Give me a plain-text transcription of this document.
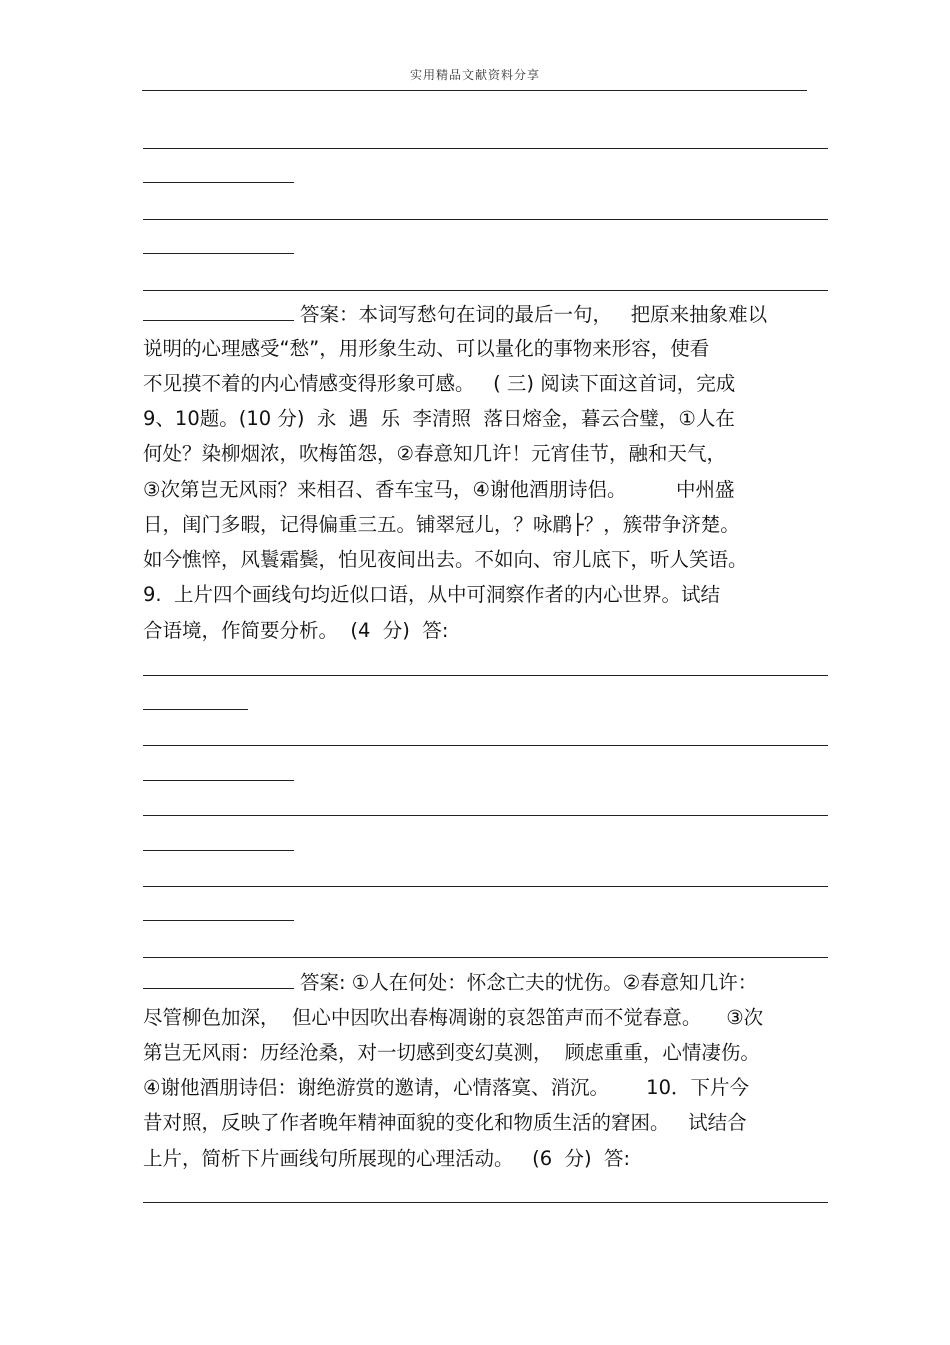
实用精品文献资料分享
答案：本词写愁句在词的最后一句，   把原来抽象难以
说明的心理感受“愁”，用形象生动、可以量化的事物来形容，使看
不见摸不着的内心情感变得形象可感。   ( 三) 阅读下面这首词，完成
9、10题。(10 分)  永  遇  乐  李清照  落日熔金，暮云合璧，①人在
何处？染柳烟浓，吹梅笛怨，②春意知几许！元宵佳节，融和天气，
③次第岂无风雨？来相召、香车宝马，④谢他酒朋诗侣。        中州盛
日，闺门多暇，记得偏重三五。铺翠冠儿，？咏鹛├？，簇带争济楚。
如今憔悴，风鬟霜鬓，怕见夜间出去。不如向、帘儿底下，听人笑语。
9.  上片四个画线句均近似口语，从中可洞察作者的内心世界。试结
合语境，作简要分析。  (4  分)  答:
答案: ①人在何处：怀念亡夫的忧伤。②春意知几许：
尽管柳色加深，  但心中因吹出春梅凋谢的哀怨笛声而不觉春意。    ③次
第岂无风雨：历经沧桑，对一切感到变幻莫测，  顾虑重重，心情凄伤。
④谢他酒朋诗侣：谢绝游赏的邀请，心情落寞、消沉。      10．下片今
昔对照，反映了作者晚年精神面貌的变化和物质生活的窘困。   试结合
上片，简析下片画线句所展现的心理活动。   (6  分)  答:
